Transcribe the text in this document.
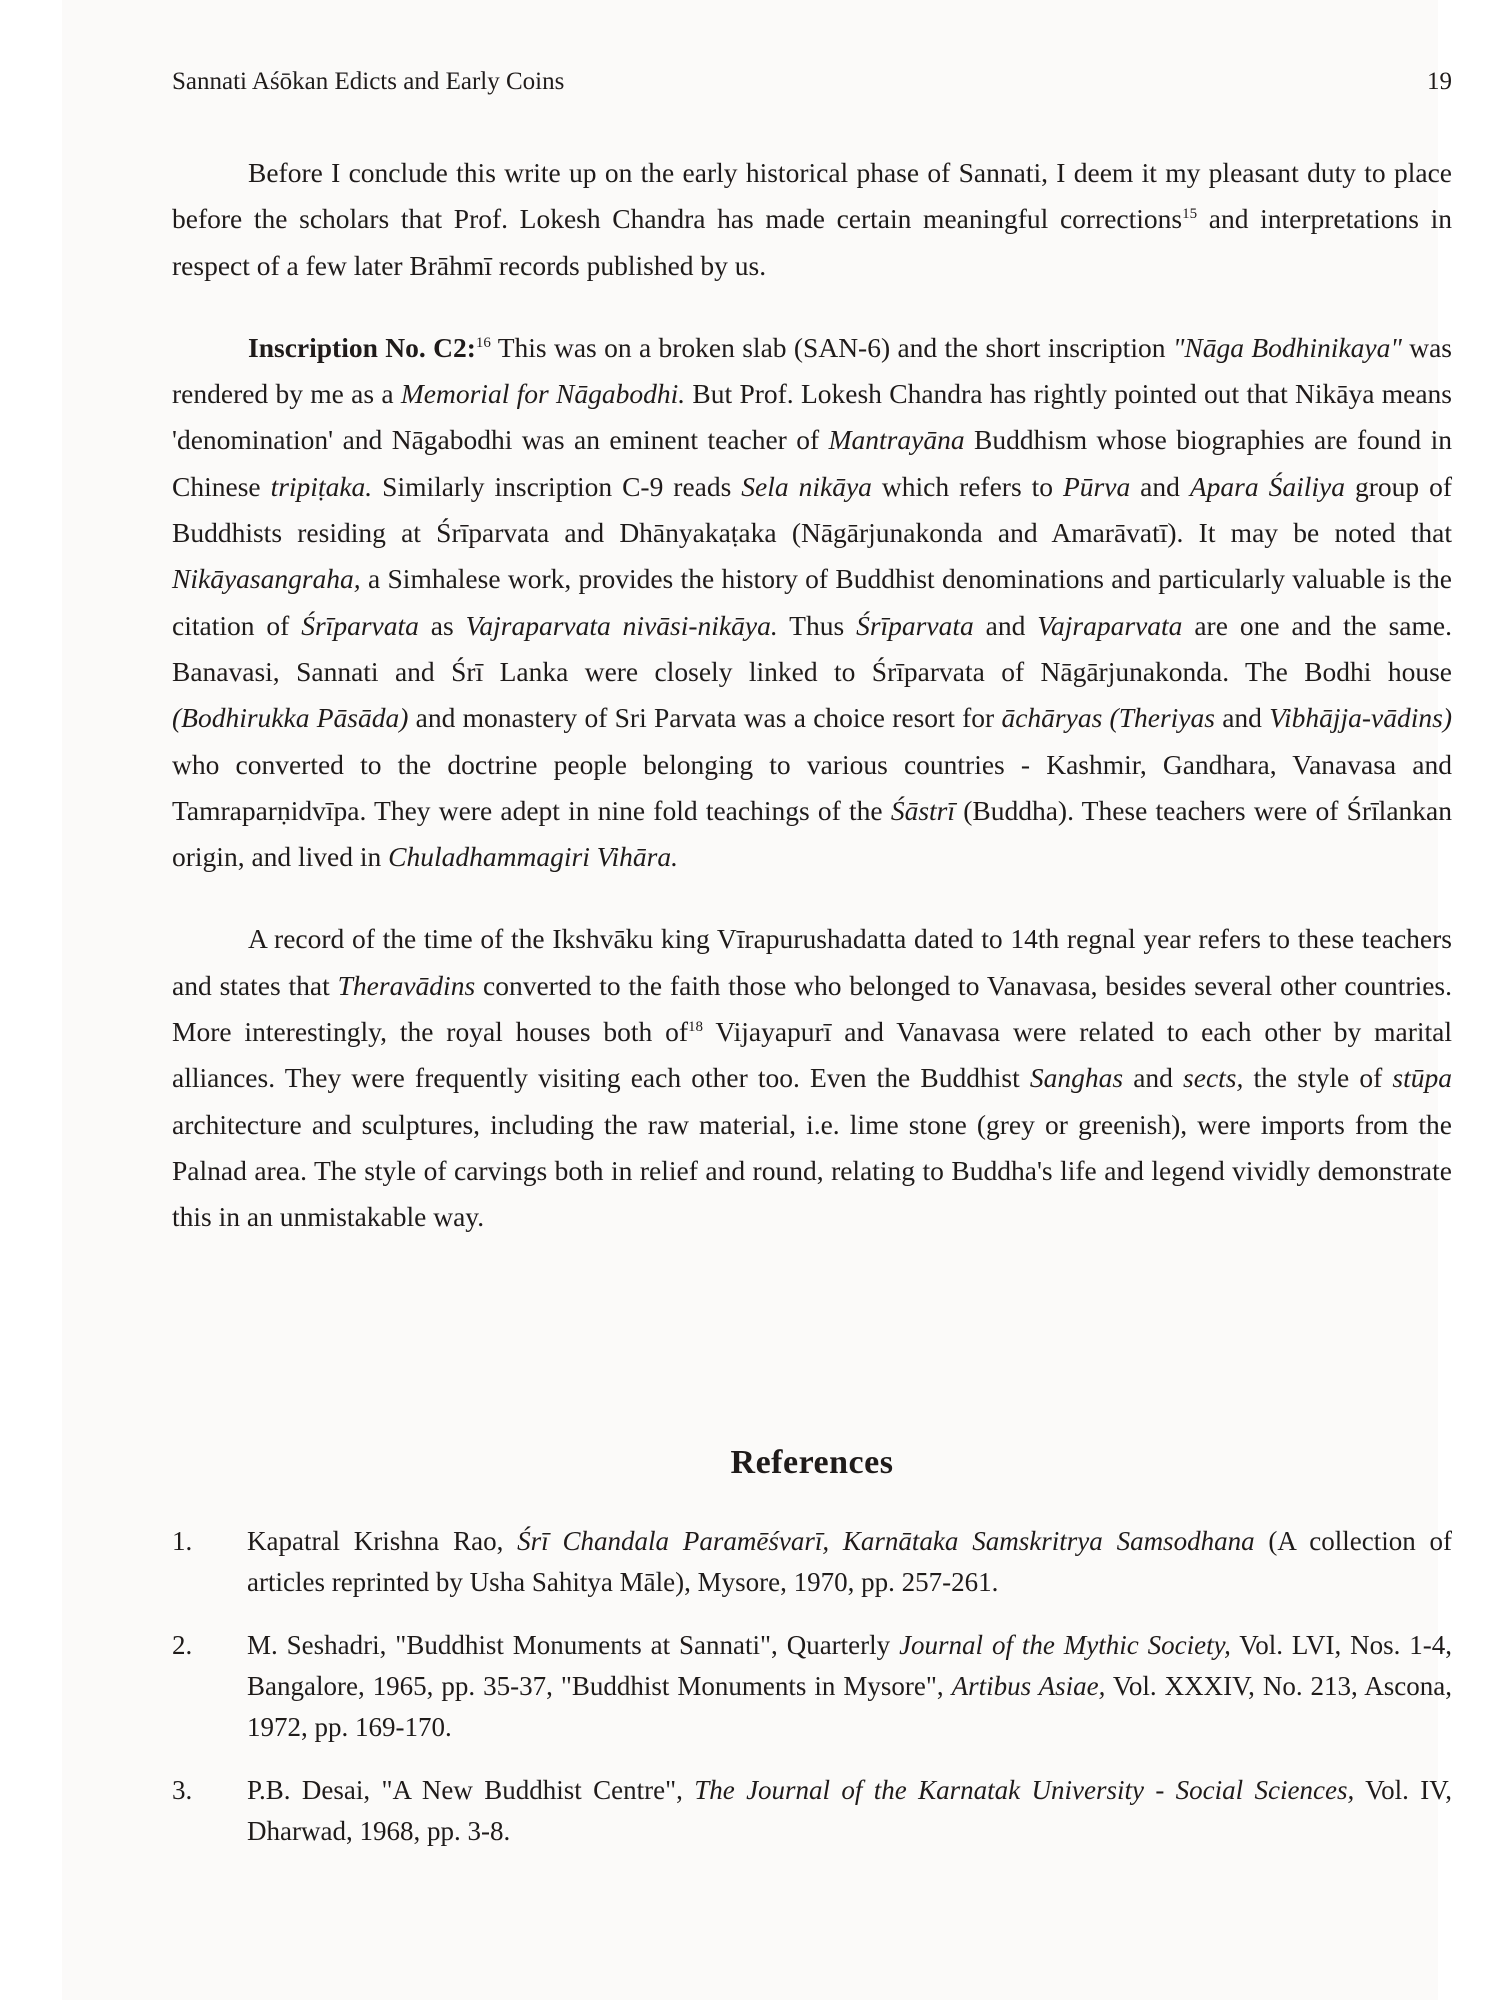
Sannati Aśōkan Edicts and Early Coins	19

Before I conclude this write up on the early historical phase of Sannati, I deem it my pleasant duty to place before the scholars that Prof. Lokesh Chandra has made certain meaningful corrections$^{15}$ and interpretations in respect of a few later Brāhmī records published by us.

Inscription No. C2:$^{16}$ This was on a broken slab (SAN-6) and the short inscription "Nāga Bodhinikaya" was rendered by me as a Memorial for Nāgabodhi. But Prof. Lokesh Chandra has rightly pointed out that Nikāya means 'denomination' and Nāgabodhi was an eminent teacher of Mantrayāna Buddhism whose biographies are found in Chinese tripiṭaka. Similarly inscription C-9 reads Sela nikāya which refers to Pūrva and Apara Śailiya group of Buddhists residing at Śrīparvata and Dhānyakaṭaka (Nāgārjunakonda and Amarāvatī). It may be noted that Nikāyasangraha, a Simhalese work, provides the history of Buddhist denominations and particularly valuable is the citation of Śrīparvata as Vajraparvata nivāsi-nikāya. Thus Śrīparvata and Vajraparvata are one and the same. Banavasi, Sannati and Śrī Lanka were closely linked to Śrīparvata of Nāgārjunakonda. The Bodhi house (Bodhirukka Pāsāda) and monastery of Sri Parvata was a choice resort for āchāryas (Theriyas and Vibhājja-vādins) who converted to the doctrine people belonging to various countries - Kashmir, Gandhara, Vanavasa and Tamraparṇidvīpa. They were adept in nine fold teachings of the Śāstrī (Buddha). These teachers were of Śrīlankan origin, and lived in Chuladhammagiri Vihāra.

A record of the time of the Ikshvāku king Vīrapurushadatta dated to 14th regnal year refers to these teachers and states that Theravādins converted to the faith those who belonged to Vanavasa, besides several other countries. More interestingly, the royal houses both $of^{18}$ Vijayapurī and Vanavasa were related to each other by marital alliances. They were frequently visiting each other too. Even the Buddhist Sanghas and sects, the style of stūpa architecture and sculptures, including the raw material, i.e. lime stone (grey or greenish), were imports from the Palnad area. The style of carvings both in relief and round, relating to Buddha's life and legend vividly demonstrate this in an unmistakable way.

References
1. Kapatral Krishna Rao, Śrī Chandala Paramēśvarī, Karnātaka Samskritrya Samsodhana (A collection of articles reprinted by Usha Sahitya Māle), Mysore, 1970, pp. 257-261.
2. M. Seshadri, "Buddhist Monuments at Sannati", Quarterly Journal of the Mythic Society, Vol. LVI, Nos. 1-4, Bangalore, 1965, pp. 35-37, "Buddhist Monuments in Mysore", Artibus Asiae, Vol. XXXIV, No. 213, Ascona, 1972, pp. 169-170.
3. P.B. Desai, "A New Buddhist Centre", The Journal of the Karnatak University - Social Sciences, Vol. IV, Dharwad, 1968, pp. 3-8.
